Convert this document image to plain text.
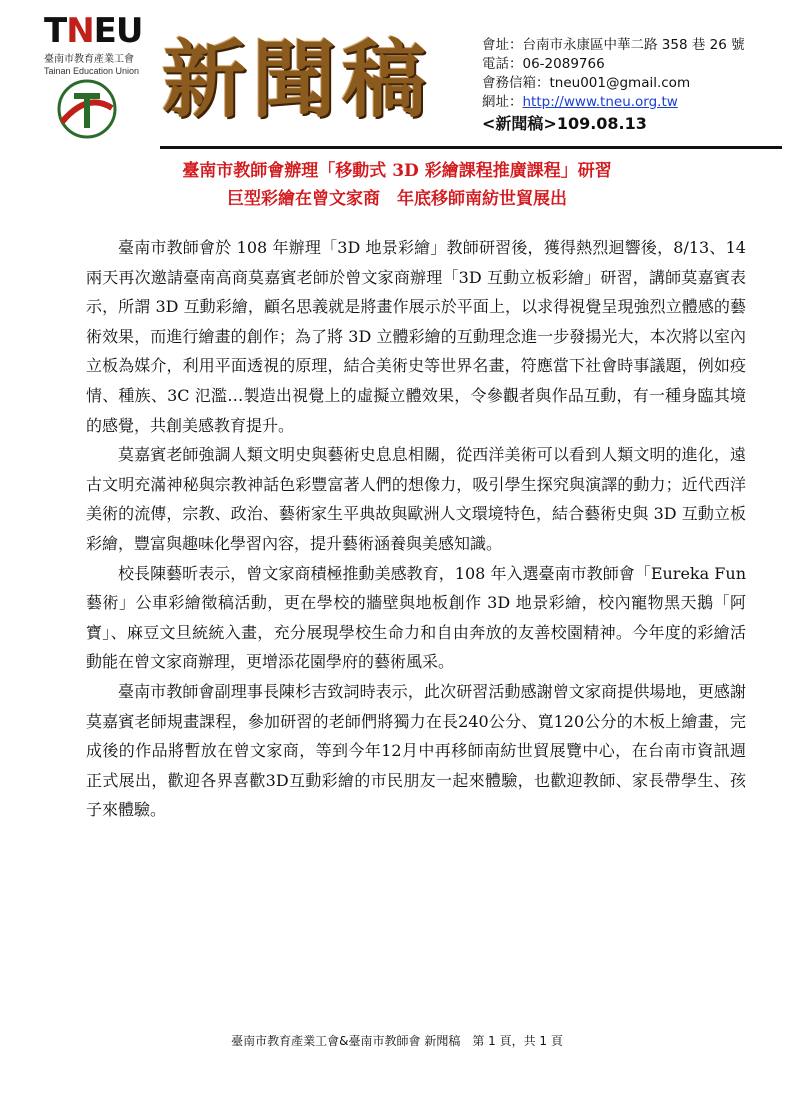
TNEU
臺南市教育產業工會
Tainan Education Union 新聞稿	會址：台南市永康區中華二路 358 巷 26 號
電話：06-2089766
會務信箱：tneu001@gmail.com
網址：http://www.tneu.org.tw
<新聞稿>109.08.13
臺南市教師會辦理「移動式 3D 彩繪課程推廣課程」研習
巨型彩繪在曾文家商　年底移師南紡世貿展出

臺南市教師會於 108 年辦理「3D 地景彩繪」教師研習後，獲得熱烈迴響後，8/13、14 兩天再次邀請臺南高商莫嘉賓老師於曾文家商辦理「3D 互動立板彩繪」研習，講師莫嘉賓表示，所謂 3D 互動彩繪，顧名思義就是將畫作展示於平面上，以求得視覺呈現強烈立體感的藝術效果，而進行繪畫的創作；為了將 3D 立體彩繪的互動理念進一步發揚光大，本次將以室內立板為媒介，利用平面透視的原理，結合美術史等世界名畫，符應當下社會時事議題，例如疫情、種族、3C 氾濫…製造出視覺上的虛擬立體效果，令參觀者與作品互動，有一種身臨其境的感覺，共創美感教育提升。

莫嘉賓老師強調人類文明史與藝術史息息相關，從西洋美術可以看到人類文明的進化，遠古文明充滿神秘與宗教神話色彩豐富著人們的想像力，吸引學生探究與演譯的動力；近代西洋美術的流傳，宗教、政治、藝術家生平典故與歐洲人文環境特色，結合藝術史與 3D 互動立板彩繪，豐富與趣味化學習內容，提升藝術涵養與美感知識。

校長陳藝昕表示，曾文家商積極推動美感教育，108 年入選臺南市教師會「Eureka Fun 藝術」公車彩繪徵稿活動，更在學校的牆壁與地板創作 3D 地景彩繪，校內寵物黑天鵝「阿寶」、麻豆文旦統統入畫，充分展現學校生命力和自由奔放的友善校園精神。今年度的彩繪活動能在曾文家商辦理，更增添花園學府的藝術風采。

臺南市教師會副理事長陳杉吉致詞時表示，此次研習活動感謝曾文家商提供場地，更感謝莫嘉賓老師規畫課程，參加研習的老師們將獨力在長240公分、寬120公分的木板上繪畫，完成後的作品將暫放在曾文家商，等到今年12月中再移師南紡世貿展覽中心，在台南市資訊週正式展出，歡迎各界喜歡3D互動彩繪的市民朋友一起來體驗，也歡迎教師、家長帶學生、孩子來體驗。

臺南市教育產業工會&臺南市教師會 新聞稿　第 1 頁，共 1 頁
